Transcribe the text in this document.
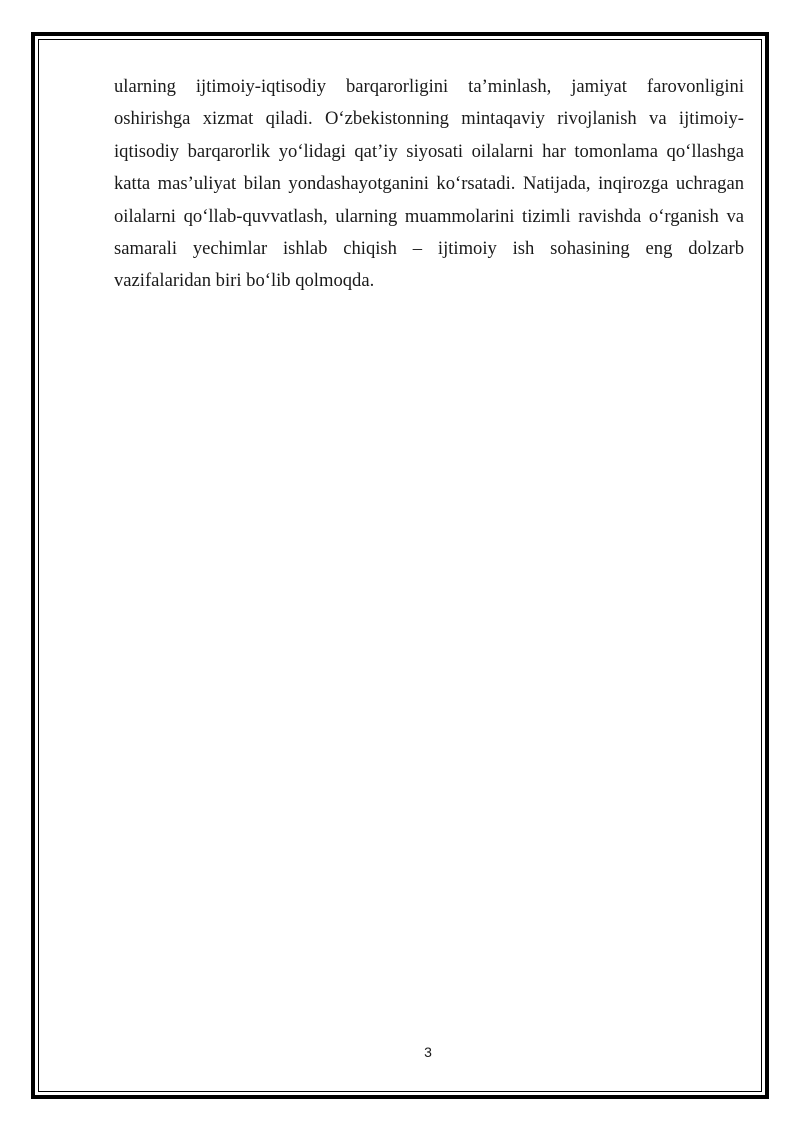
ularning ijtimoiy-iqtisodiy barqarorligini ta’minlash, jamiyat farovonligini oshirishga xizmat qiladi. O‘zbekistonning mintaqaviy rivojlanish va ijtimoiy-iqtisodiy barqarorlik yo‘lidagi qat’iy siyosati oilalarni har tomonlama qo‘llashga katta mas’uliyat bilan yondashayotganini ko‘rsatadi. Natijada, inqirozga uchragan oilalarni qo‘llab-quvvatlash, ularning muammolarini tizimli ravishda o‘rganish va samarali yechimlar ishlab chiqish – ijtimoiy ish sohasining eng dolzarb vazifalaridan biri bo‘lib qolmoqda.

3
